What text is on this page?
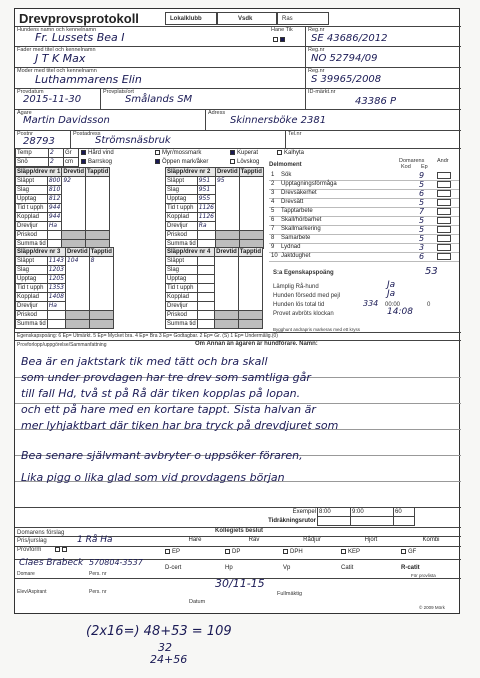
Drevprovsprotokoll	Lokalklubb	Vsdk	Ras
Hundens namn och kennelnamn
Fr. Lussets Bea I
Hane Tik	Reg.nr
SE 43686/2012
Fader med titel och kennelnamn
J T K Max
Reg.nr
NO 52794/09
Moder med titel och kennelnamn
Luthammarens Elin
Reg.nr
S 39965/2008
Provdatum
2015-11-30
Provplats/ort
Smålands SM
ID-märkt.nr
43386 P
Ägare
Martin Davidsson
Adress
Skinnersböke 2381
Postnr
28793
Postadress
Strömsnäsbruk
Tel.nr
Temp	2	Gr
Snö	2	cm
Hård vind
Barrskog
Myr/mossmark
Öppen mark/åker
Kuperat
Lövskog
Kalhyta
Släpp/drev nr 1		Drevtid	Tapptid
Släppt	800	92	
Slag	810		
Upptag	812		
Tid t upph	944		
Kopplad	944		
Drevljur	Ha		
Priskod			
Summa tid			
Släpp/drev nr 2		Drevtid	Tapptid
Släppt	951	95	
Slag	951		
Upptag	955		
Tid t upph	1126		
Kopplad	1126		
Drevljur	Ra		
Priskod			
Summa tid			
Släpp/drev nr 3		Drevtid	Tapptid
Släppt	1143	104	8
Slag	1203		
Upptag	1205		
Tid t upph	1353		
Kopplad	1408		
Drevljur	Ha		
Priskod			
Summa tid			
Släpp/drev nr 4		Drevtid	Tapptid
Släppt			
Slag			
Upptag			
Tid t upph			
Kopplad			
Drevljur			
Priskod			
Summa tid			
Delmoment
Domarens Andr
Kod Ep
1 Sök	9
2 Upptagningsförmåga	5
3 Drevsäkerhet	6
4 Drevsätt	5
5 Tapptarbete	7
6 Skall/hörbarhet	5
7 Skallmarkering	5
8 Samarbete	5
9 Lydnad	3
10 Jaktdughet	6
S:a Egenskapspoäng	53
Lämplig Rå-hund	Ja
Hunden försedd med pejl	Ja
Hunden lös total tid	334 00:00	0
Provet avbröts klockan	14:08
Bygghunt andrapris markeras med ett kryss
Egenskapspoäng: 6 Ep= Utmärkt. 5 Ep= Mycket bra. 4 Ep= Bra 3 Ep= Godtagbar. 2 Ep= Gr. (S) 1 Ep= Undermålig.(0)
Provforlopp/uppgörelse/Sammanfattning	Om Annan än ägaren är hundförare. Namn:
Bea är en jaktstark tik med tätt och bra skall
som under provdagen har tre drev som samtliga går
till fall Hd, två st på Rå där tiken kopplas på lopan.
och ett på hare med en kortare tappt. Sista halvan är
mer lyhjaktbart där tiken har bra tryck på drevdjuret som
Bea senare självmant avbryter o uppsöker föraren,
Lika pigg o lika glad som vid provdagens början
Exempel	8:00	9:00	60
Tidräkningsrutor			
Kollegiets beslut
Domarens förslag
Pris/jurslag	1 Rå Ha	Hare	Räv	Rådjur	Hjort	Kombi
Provform	EP	DP	DPH	KEP	GF
Claes Brabeck 570804-3537
D-cert	Hp	Vp	Catit	R-catit
Domare	Pers. nr	För provlista
30/11-15
Elev/Aspirant	Pers. nr
Datum
Fullmäktig
© 2009 Mörk
(2x16=) 48+53 = 109
32
24+56
